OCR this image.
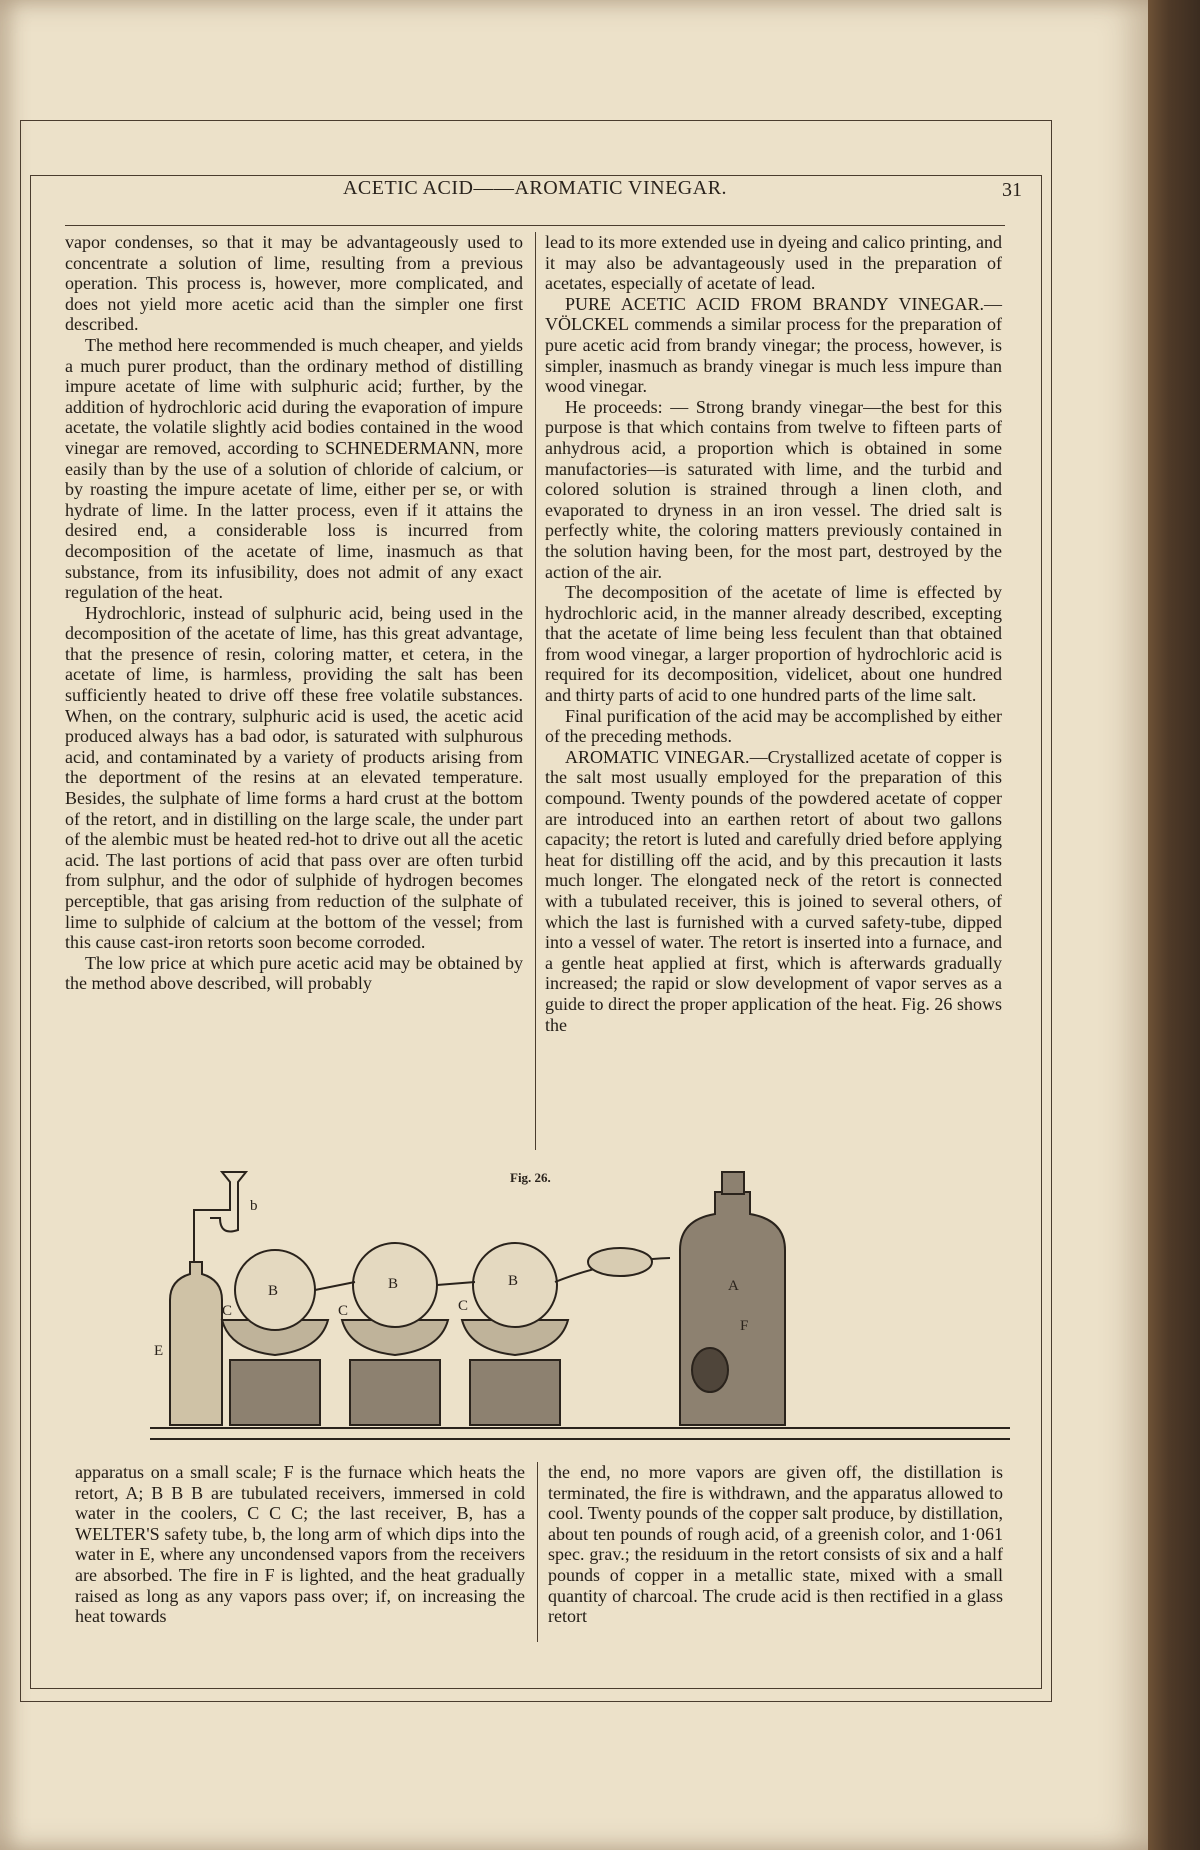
ACETIC ACID——AROMATIC VINEGAR.	31

vapor condenses, so that it may be advantageously used to concentrate a solution of lime, resulting from a previous operation. This process is, however, more complicated, and does not yield more acetic acid than the simpler one first described.

The method here recommended is much cheaper, and yields a much purer product, than the ordinary method of distilling impure acetate of lime with sulphuric acid; further, by the addition of hydrochloric acid during the evaporation of impure acetate, the volatile slightly acid bodies contained in the wood vinegar are removed, according to SCHNEDERMANN, more easily than by the use of a solution of chloride of calcium, or by roasting the impure acetate of lime, either per se, or with hydrate of lime. In the latter process, even if it attains the desired end, a considerable loss is incurred from decomposition of the acetate of lime, inasmuch as that substance, from its infusibility, does not admit of any exact regulation of the heat.

Hydrochloric, instead of sulphuric acid, being used in the decomposition of the acetate of lime, has this great advantage, that the presence of resin, coloring matter, et cetera, in the acetate of lime, is harmless, providing the salt has been sufficiently heated to drive off these free volatile substances. When, on the contrary, sulphuric acid is used, the acetic acid produced always has a bad odor, is saturated with sulphurous acid, and contaminated by a variety of products arising from the deportment of the resins at an elevated temperature. Besides, the sulphate of lime forms a hard crust at the bottom of the retort, and in distilling on the large scale, the under part of the alembic must be heated red-hot to drive out all the acetic acid. The last portions of acid that pass over are often turbid from sulphur, and the odor of sulphide of hydrogen becomes perceptible, that gas arising from reduction of the sulphate of lime to sulphide of calcium at the bottom of the vessel; from this cause cast-iron retorts soon become corroded.

The low price at which pure acetic acid may be obtained by the method above described, will probably

lead to its more extended use in dyeing and calico printing, and it may also be advantageously used in the preparation of acetates, especially of acetate of lead.

PURE ACETIC ACID FROM BRANDY VINEGAR.— VÖLCKEL commends a similar process for the preparation of pure acetic acid from brandy vinegar; the process, however, is simpler, inasmuch as brandy vinegar is much less impure than wood vinegar.

He proceeds: — Strong brandy vinegar—the best for this purpose is that which contains from twelve to fifteen parts of anhydrous acid, a proportion which is obtained in some manufactories—is saturated with lime, and the turbid and colored solution is strained through a linen cloth, and evaporated to dryness in an iron vessel. The dried salt is perfectly white, the coloring matters previously contained in the solution having been, for the most part, destroyed by the action of the air.

The decomposition of the acetate of lime is effected by hydrochloric acid, in the manner already described, excepting that the acetate of lime being less feculent than that obtained from wood vinegar, a larger proportion of hydrochloric acid is required for its decomposition, videlicet, about one hundred and thirty parts of acid to one hundred parts of the lime salt.

Final purification of the acid may be accomplished by either of the preceding methods.

AROMATIC VINEGAR.—Crystallized acetate of copper is the salt most usually employed for the preparation of this compound. Twenty pounds of the powdered acetate of copper are introduced into an earthen retort of about two gallons capacity; the retort is luted and carefully dried before applying heat for distilling off the acid, and by this precaution it lasts much longer. The elongated neck of the retort is connected with a tubulated receiver, this is joined to several others, of which the last is furnished with a curved safety-tube, dipped into a vessel of water. The retort is inserted into a furnace, and a gentle heat applied at first, which is afterwards gradually increased; the rapid or slow development of vapor serves as a guide to direct the proper application of the heat. Fig. 26 shows the

Fig. 26.
b
E
C	C	C
B	B	B	A
F

apparatus on a small scale; F is the furnace which heats the retort, A; B B B are tubulated receivers, immersed in cold water in the coolers, C C C; the last receiver, B, has a WELTER'S safety tube, b, the long arm of which dips into the water in E, where any uncondensed vapors from the receivers are absorbed. The fire in F is lighted, and the heat gradually raised as long as any vapors pass over; if, on increasing the heat towards

the end, no more vapors are given off, the distillation is terminated, the fire is withdrawn, and the apparatus allowed to cool. Twenty pounds of the copper salt produce, by distillation, about ten pounds of rough acid, of a greenish color, and 1·061 spec. grav.; the residuum in the retort consists of six and a half pounds of copper in a metallic state, mixed with a small quantity of charcoal. The crude acid is then rectified in a glass retort
